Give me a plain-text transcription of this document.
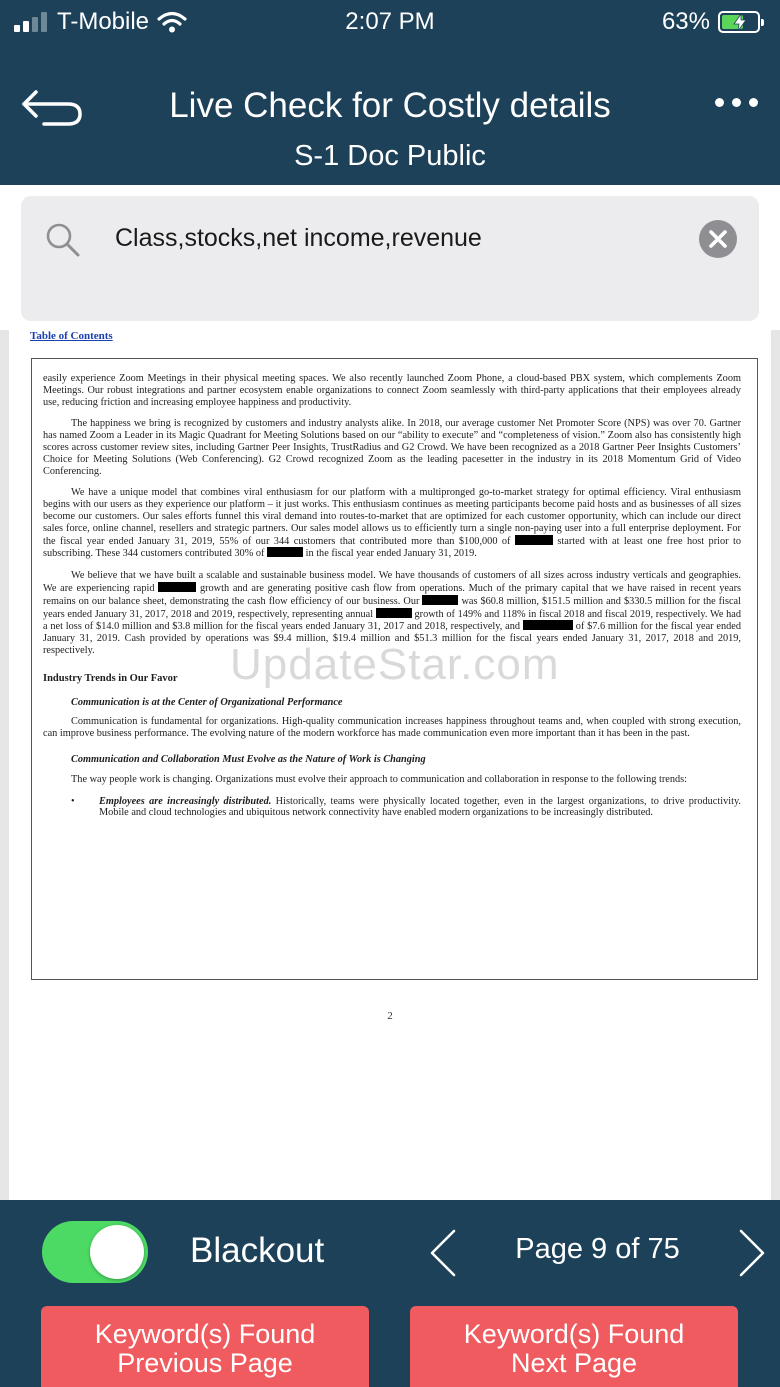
T-Mobile	2:07 PM	63%
Live Check for Costly details
S-1 Doc Public
Class,stocks,net income,revenue
Table of Contents

easily experience Zoom Meetings in their physical meeting spaces. We also recently launched Zoom Phone, a cloud-based PBX system, which complements Zoom Meetings. Our robust integrations and partner ecosystem enable organizations to connect Zoom seamlessly with third-party applications that their employees already use, reducing friction and increasing employee happiness and productivity.

The happiness we bring is recognized by customers and industry analysts alike. In 2018, our average customer Net Promoter Score (NPS) was over 70. Gartner has named Zoom a Leader in its Magic Quadrant for Meeting Solutions based on our “ability to execute” and “completeness of vision.” Zoom also has consistently high scores across customer review sites, including Gartner Peer Insights, TrustRadius and G2 Crowd. We have been recognized as a 2018 Gartner Peer Insights Customers’ Choice for Meeting Solutions (Web Conferencing). G2 Crowd recognized Zoom as the leading pacesetter in the industry in its 2018 Momentum Grid of Video Conferencing.

We have a unique model that combines viral enthusiasm for our platform with a multipronged go-to-market strategy for optimal efficiency. Viral enthusiasm begins with our users as they experience our platform – it just works. This enthusiasm continues as meeting participants become paid hosts and as businesses of all sizes become our customers. Our sales efforts funnel this viral demand into routes-to-market that are optimized for each customer opportunity, which can include our direct sales force, online channel, resellers and strategic partners. Our sales model allows us to efficiently turn a single non-paying user into a full enterprise deployment. For the fiscal year ended January 31, 2019, 55% of our 344 customers that contributed more than $100,000 of	started with at least one free host prior to subscribing. These 344 customers contributed 30% of	in the fiscal year ended January 31, 2019.

We believe that we have built a scalable and sustainable business model. We have thousands of customers of all sizes across industry verticals and geographies. We are experiencing rapid	growth and are generating positive cash flow from operations. Much of the primary capital that we have raised in recent years remains on our balance sheet, demonstrating the cash flow efficiency of our business. Our	was $60.8 million, $151.5 million and $330.5 million for the fiscal years ended January 31, 2017, 2018 and 2019, respectively, representing annual	growth of 149% and 118% in fiscal 2018 and fiscal 2019, respectively. We had a net loss of $14.0 million and $3.8 million for the fiscal years ended January 31, 2017 and 2018, respectively, and	of $7.6 million for the fiscal year ended January 31, 2019. Cash provided by operations was $9.4 million, $19.4 million and $51.3 million for the fiscal years ended January 31, 2017, 2018 and 2019, respectively.

Industry Trends in Our Favor
Communication is at the Center of Organizational Performance

Communication is fundamental for organizations. High-quality communication increases happiness throughout teams and, when coupled with strong execution, can improve business performance. The evolving nature of the modern workforce has made communication even more important than it has been in the past.

Communication and Collaboration Must Evolve as the Nature of Work is Changing

The way people work is changing. Organizations must evolve their approach to communication and collaboration in response to the following trends:

•	Employees are increasingly distributed. Historically, teams were physically located together, even in the largest organizations, to drive productivity. Mobile and cloud technologies and ubiquitous network connectivity have enabled modern organizations to be increasingly distributed.
2
UpdateStar.com
Blackout	Page 9 of 75
Keyword(s) Found
Previous Page
Keyword(s) Found
Next Page
